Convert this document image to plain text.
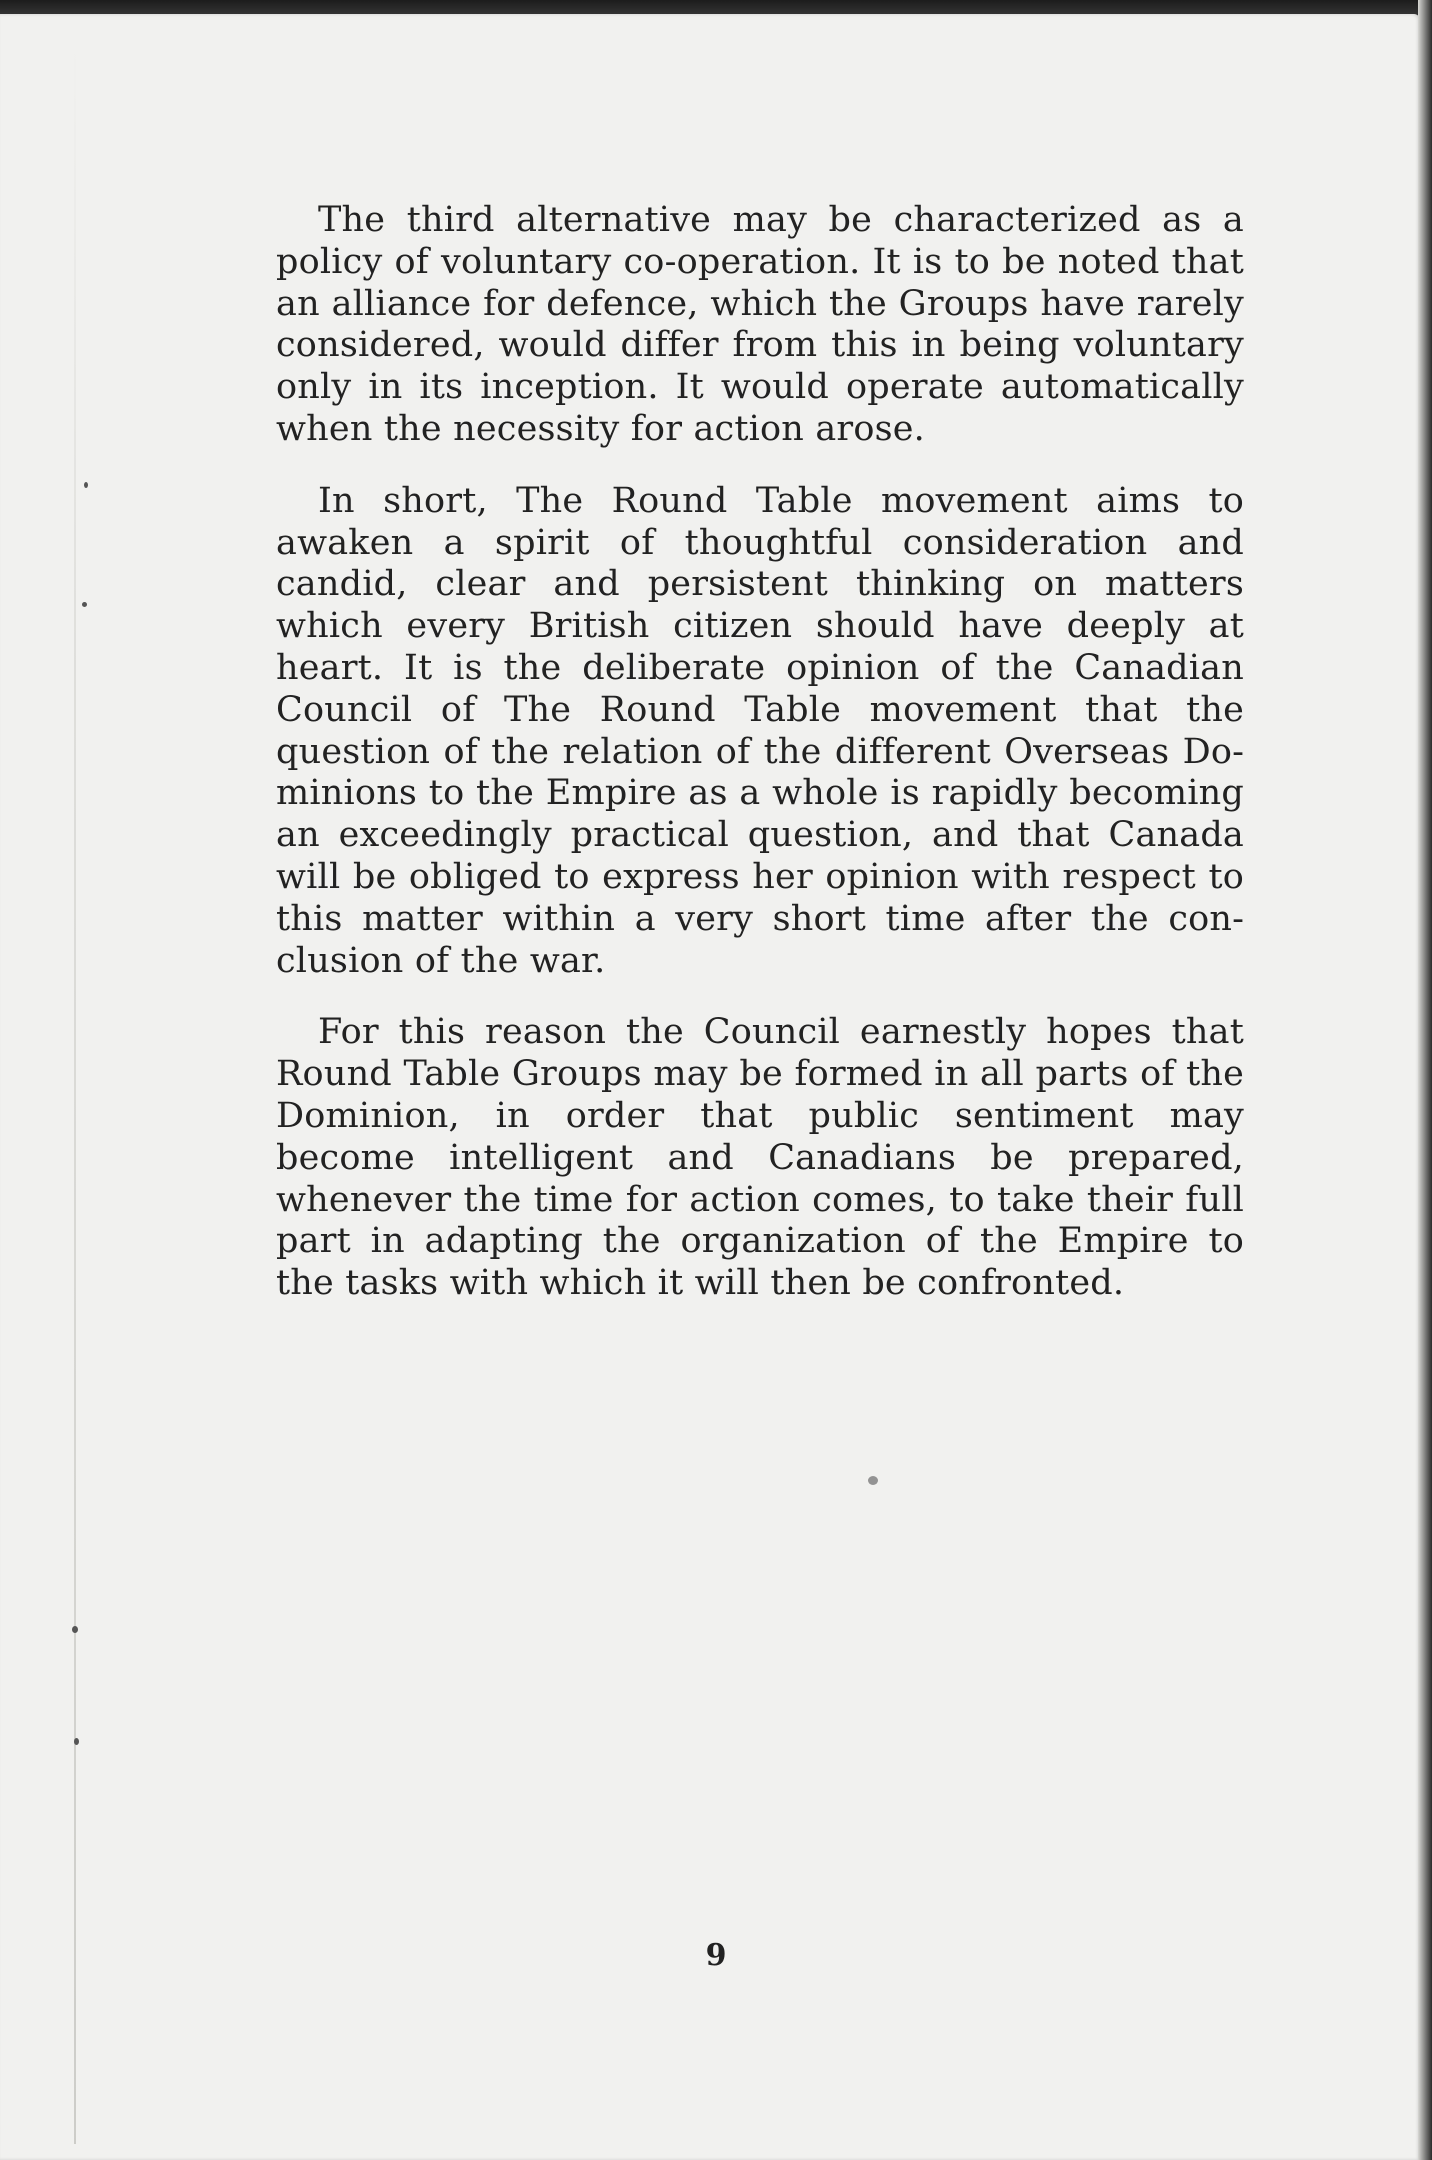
The third alternative may be characterized as a policy of voluntary co-operation. It is to be noted that an alliance for defence, which the Groups have rarely considered, would differ from this in being voluntary only in its inception. It would operate automatically when the necessity for action arose.

In short, The Round Table movement aims to awaken a spirit of thoughtful consideration and candid, clear and persistent thinking on matters which every British citizen should have deeply at heart. It is the deliberate opinion of the Canadian Council of The Round Table movement that the question of the relation of the different Overseas Dominions to the Empire as a whole is rapidly becoming an exceedingly practical question, and that Canada will be obliged to express her opinion with respect to this matter within a very short time after the conclusion of the war.

For this reason the Council earnestly hopes that Round Table Groups may be formed in all parts of the Dominion, in order that public sentiment may become intelligent and Canadians be prepared, whenever the time for action comes, to take their full part in adapting the organization of the Empire to the tasks with which it will then be confronted.

9
